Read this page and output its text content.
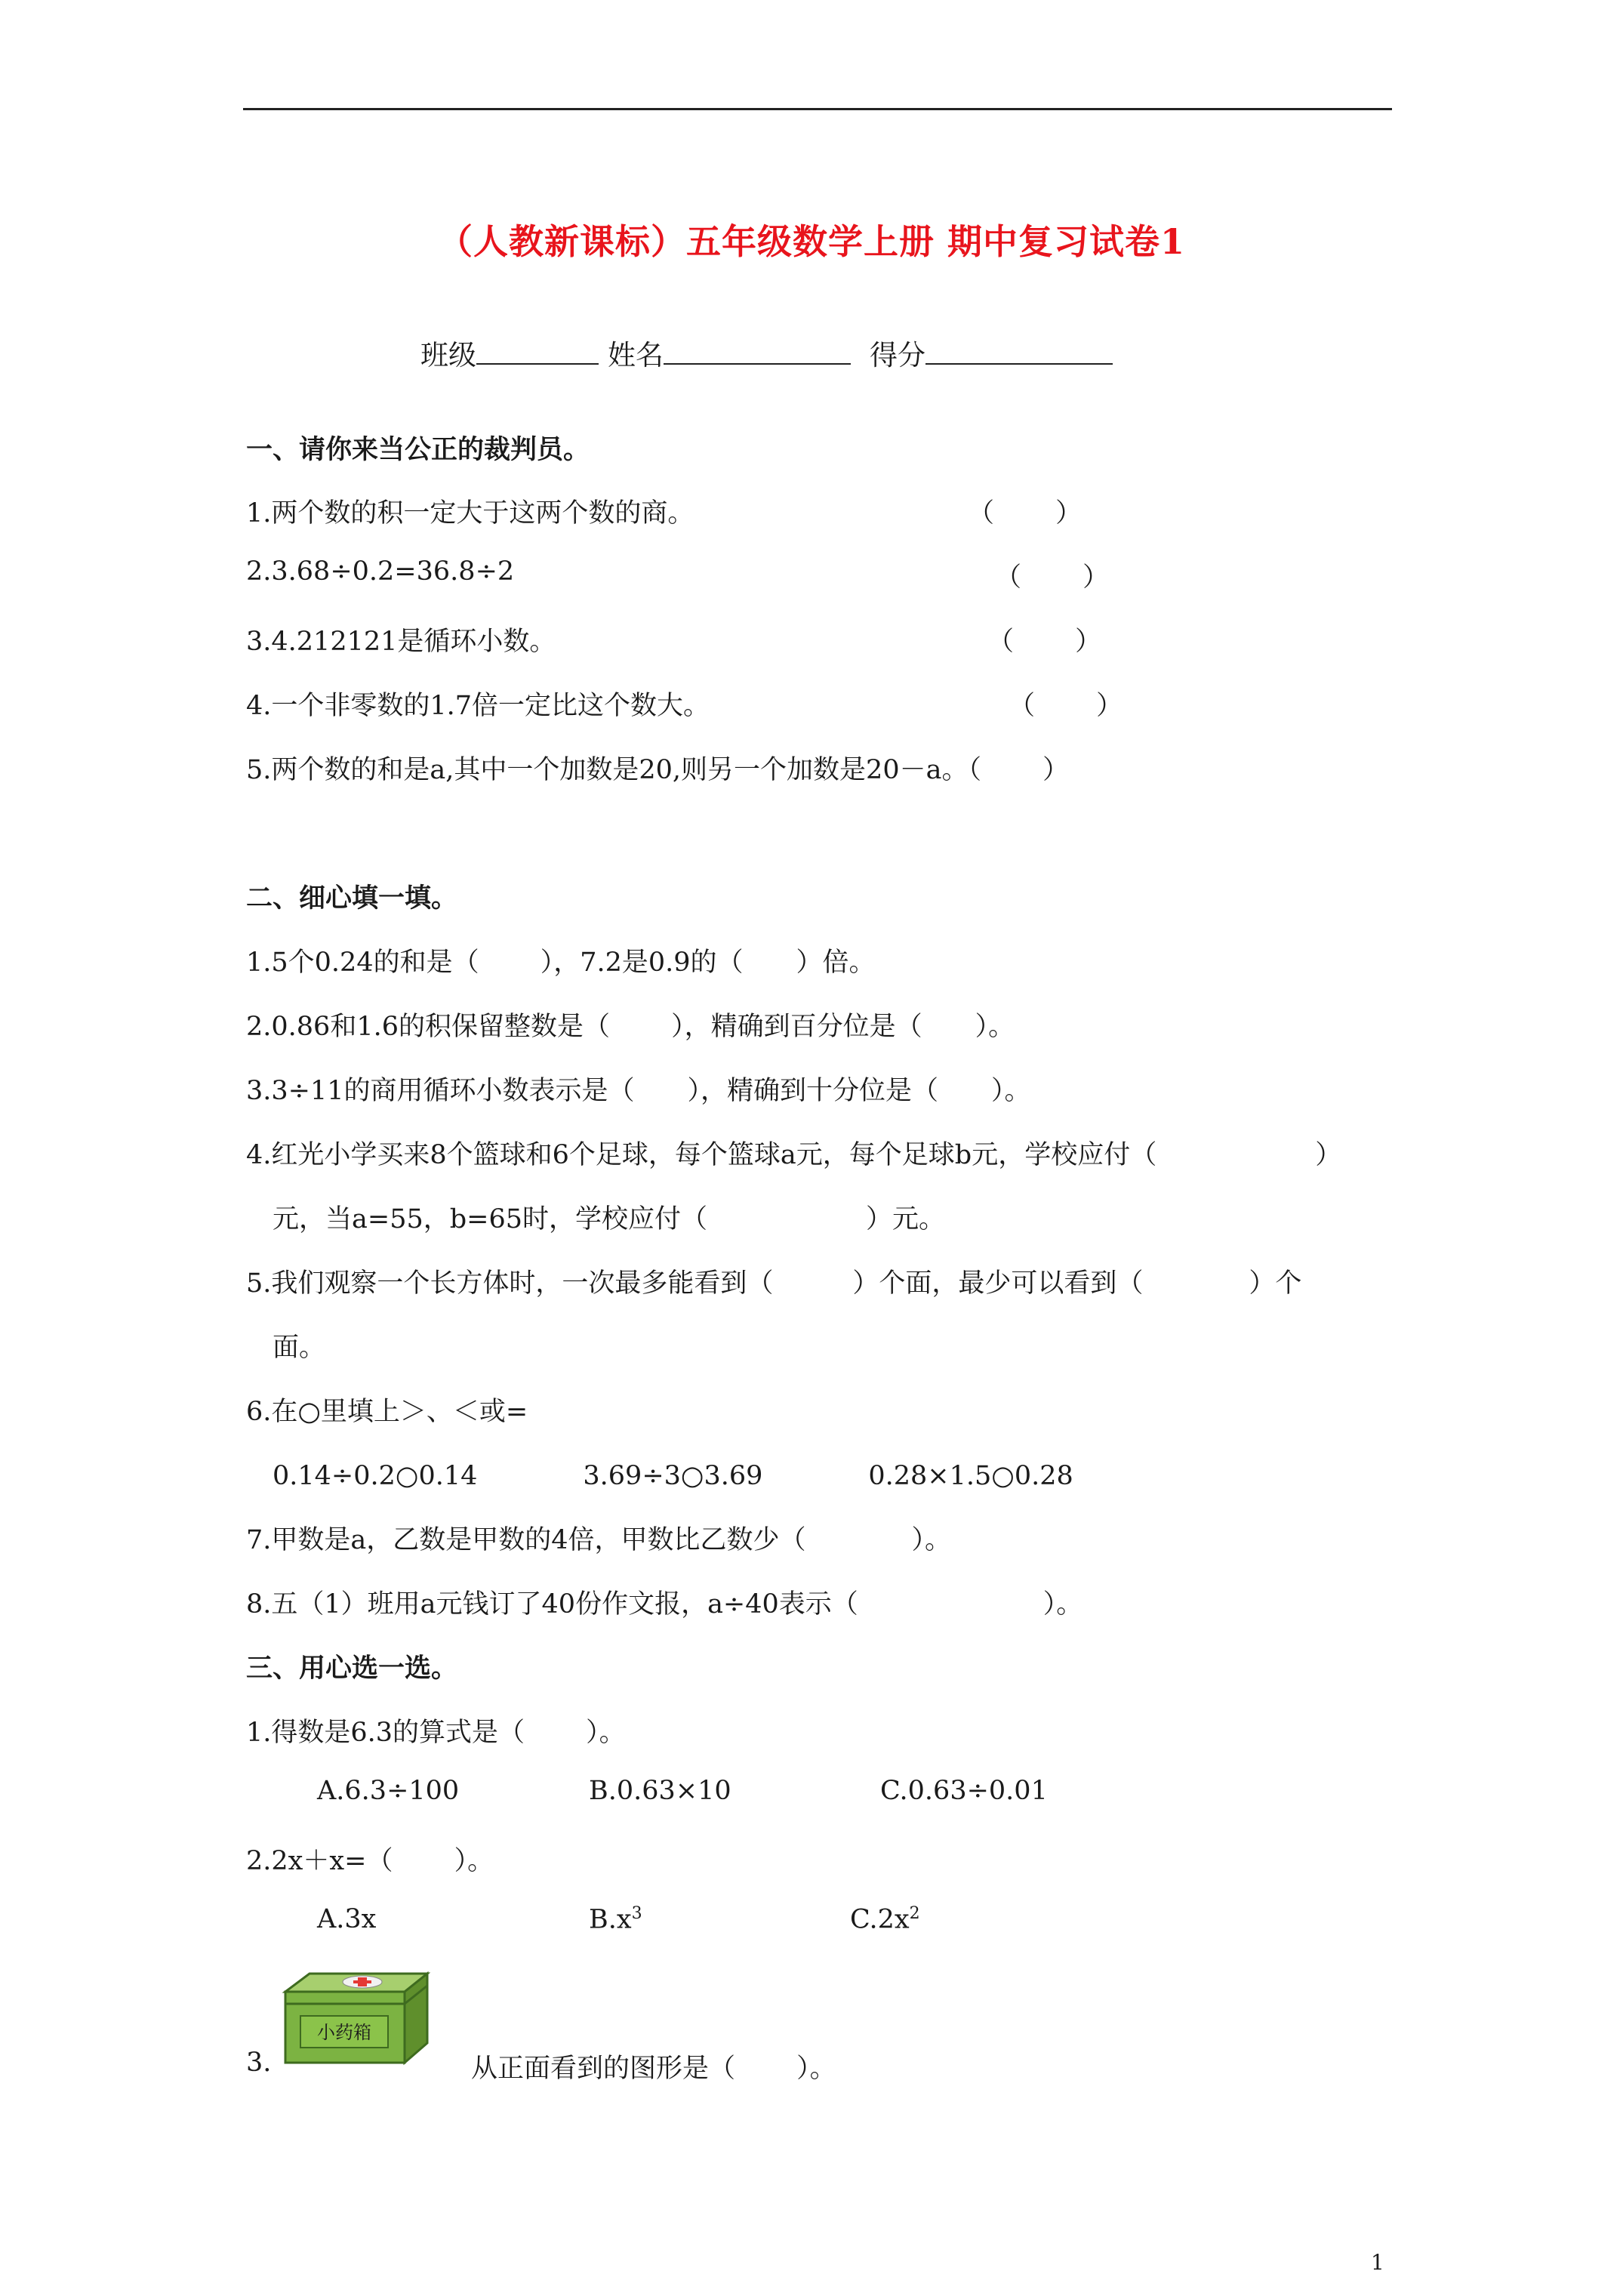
（人教新课标）五年级数学上册 期中复习试卷1
班级	姓名	得分
一、请你来当公正的裁判员。
1.两个数的积一定大于这两个数的商。	（　　 ）
2.3.68÷0.2=36.8÷2	（　　 ）
3.4.212121是循环小数。	（　　 ）
4.一个非零数的1.7倍一定比这个数大。	（　　 ）
5.两个数的和是a,其中一个加数是20,则另一个加数是20－a。（　　 ）
二、细心填一填。
1.5个0.24的和是（　　 ），7.2是0.9的（　　）倍。
2.0.86和1.6的积保留整数是（　　 ），精确到百分位是（　　）。
3.3÷11的商用循环小数表示是（　　），精确到十分位是（　　）。
4.红光小学买来8个篮球和6个足球，每个篮球a元，每个足球b元，学校应付（　　　　　　）
　元，当a=55，b=65时，学校应付（　　　　　　）元。
5.我们观察一个长方体时，一次最多能看到（　　　）个面，最少可以看到（　　　　）个
　面。
6.在○里填上＞、＜或=
　0.14÷0.2○0.14　　　　3.69÷3○3.69　　　　0.28×1.5○0.28
7.甲数是a，乙数是甲数的4倍，甲数比乙数少（　　　　）。
8.五（1）班用a元钱订了40份作文报，a÷40表示（　　　　　　　）。
三、用心选一选。
1.得数是6.3的算式是（　　 ）。
A.6.3÷100	B.0.63×10	C.0.63÷0.01
2.2x＋x=（　　 ）。
A.3x	$B.x^3$	$C.2x^2$
3.
小药箱
从正面看到的图形是（　　 ）。
1
